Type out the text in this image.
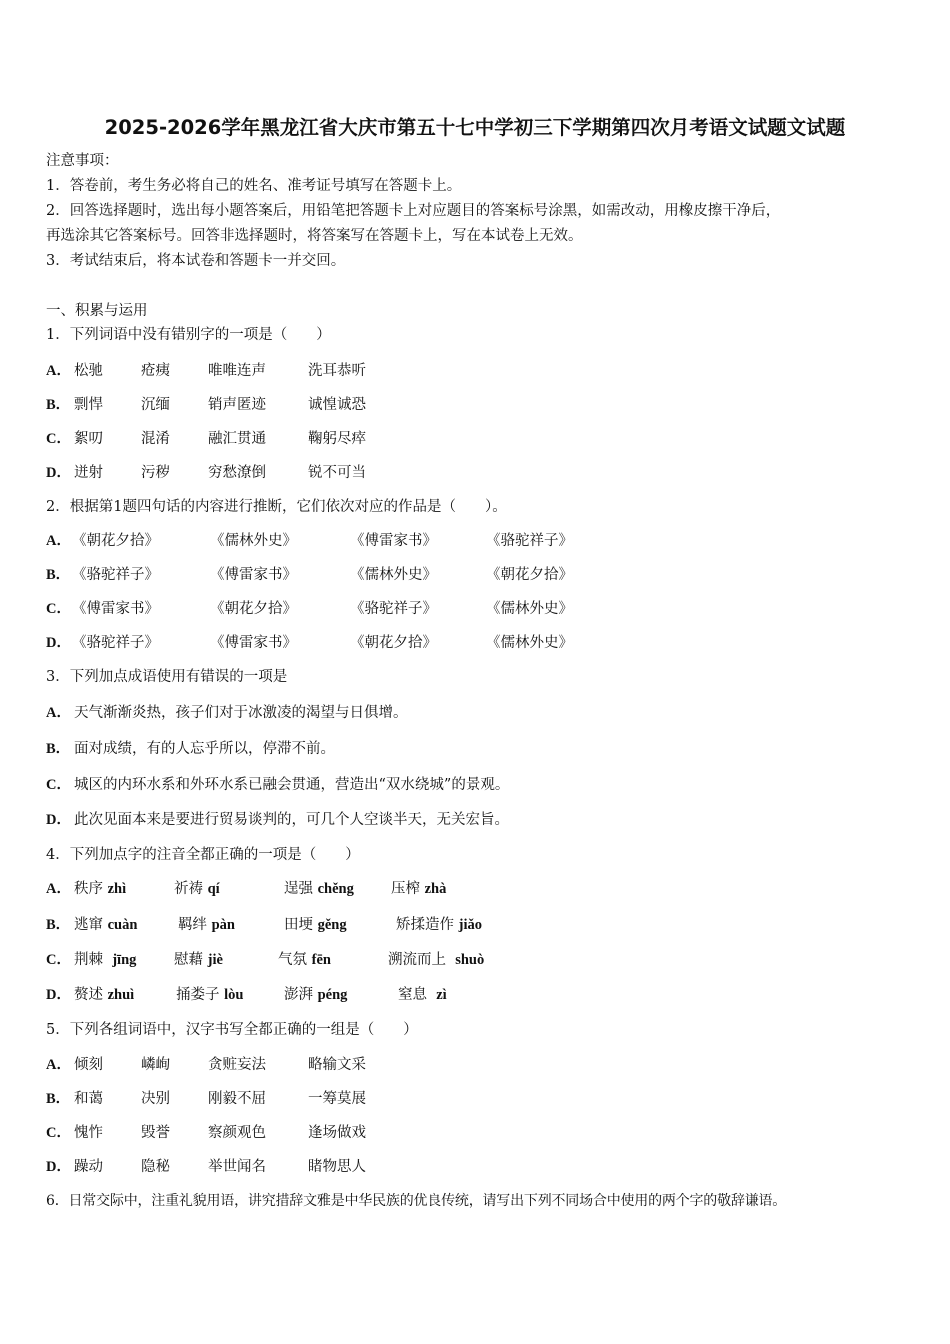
2025-2026学年黑龙江省大庆市第五十七中学初三下学期第四次月考语文试题文试题
注意事项：
1．答卷前，考生务必将自己的姓名、准考证号填写在答题卡上。
2．回答选择题时，选出每小题答案后，用铅笔把答题卡上对应题目的答案标号涂黑，如需改动，用橡皮擦干净后，
再选涂其它答案标号。回答非选择题时，将答案写在答题卡上，写在本试卷上无效。
3．考试结束后，将本试卷和答题卡一并交回。
一、积累与运用
1．下列词语中没有错别字的一项是（　　）
A． 松驰	疮痍	唯唯连声	洗耳恭听
B． 剽悍	沉缅	销声匿迹	诚惶诚恐
C． 絮叨	混淆	融汇贯通	鞠躬尽瘁
D． 迸射	污秽	穷愁潦倒	锐不可当
2．根据第1题四句话的内容进行推断，它们依次对应的作品是（　　）。
A． 《朝花夕拾》	《儒林外史》	《傅雷家书》	《骆驼祥子》
B． 《骆驼祥子》	《傅雷家书》	《儒林外史》	《朝花夕拾》
C． 《傅雷家书》	《朝花夕拾》	《骆驼祥子》	《儒林外史》
D． 《骆驼祥子》	《傅雷家书》	《朝花夕拾》	《儒林外史》
3．下列加点成语使用有错误的一项是
A． 天气渐渐炎热，孩子们对于冰激凌的渴望与日俱增。
B． 面对成绩，有的人忘乎所以，停滞不前。
C． 城区的内环水系和外环水系已融会贯通，营造出“双水绕城”的景观。
D． 此次见面本来是要进行贸易谈判的，可几个人空谈半天，无关宏旨。
4．下列加点字的注音全都正确的一项是（　　）
A． 秩序 zhì	祈祷 qí	逞强 chěng	压榨 zhà
B． 逃窜 cuàn	羁绊 pàn	田埂 gěng	矫揉造作 jiǎo
C． 荆棘 jīng	慰藉 jiè	气氛 fēn	溯流而上 shuò
D． 赘述 zhuì	捅娄子 lòu	澎湃 péng	窒息 zì
5．下列各组词语中，汉字书写全都正确的一组是（　　）
A． 倾刻	嶙峋	贪赃妄法	略输文采
B． 和蔼	决别	刚毅不屈	一筹莫展
C． 愧怍	毁誉	察颜观色	逢场做戏
D． 躁动	隐秘	举世闻名	睹物思人
6．日常交际中，注重礼貌用语，讲究措辞文雅是中华民族的优良传统，请写出下列不同场合中使用的两个字的敬辞谦语。
